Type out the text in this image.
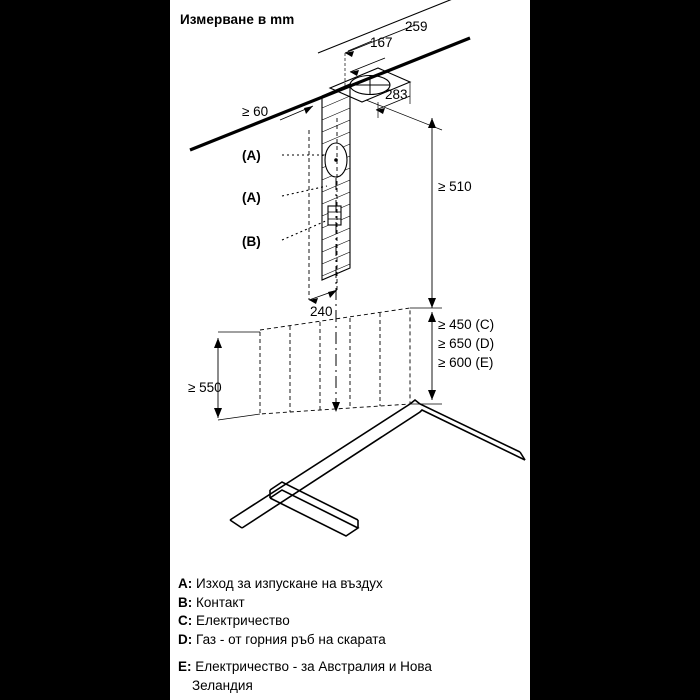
Измерване в mm	259
167
283
≥ 60
≥ 510
240
≥ 450 (C)
≥ 650 (D)
≥ 600 (E)
≥ 550
(A)
(A)
(B)
A: Изход за изпускане на въздух
B: Контакт
C: Електричество
D: Газ - от горния ръб на скарата
E: Електричество - за Австралия и Нова
Зеландия
